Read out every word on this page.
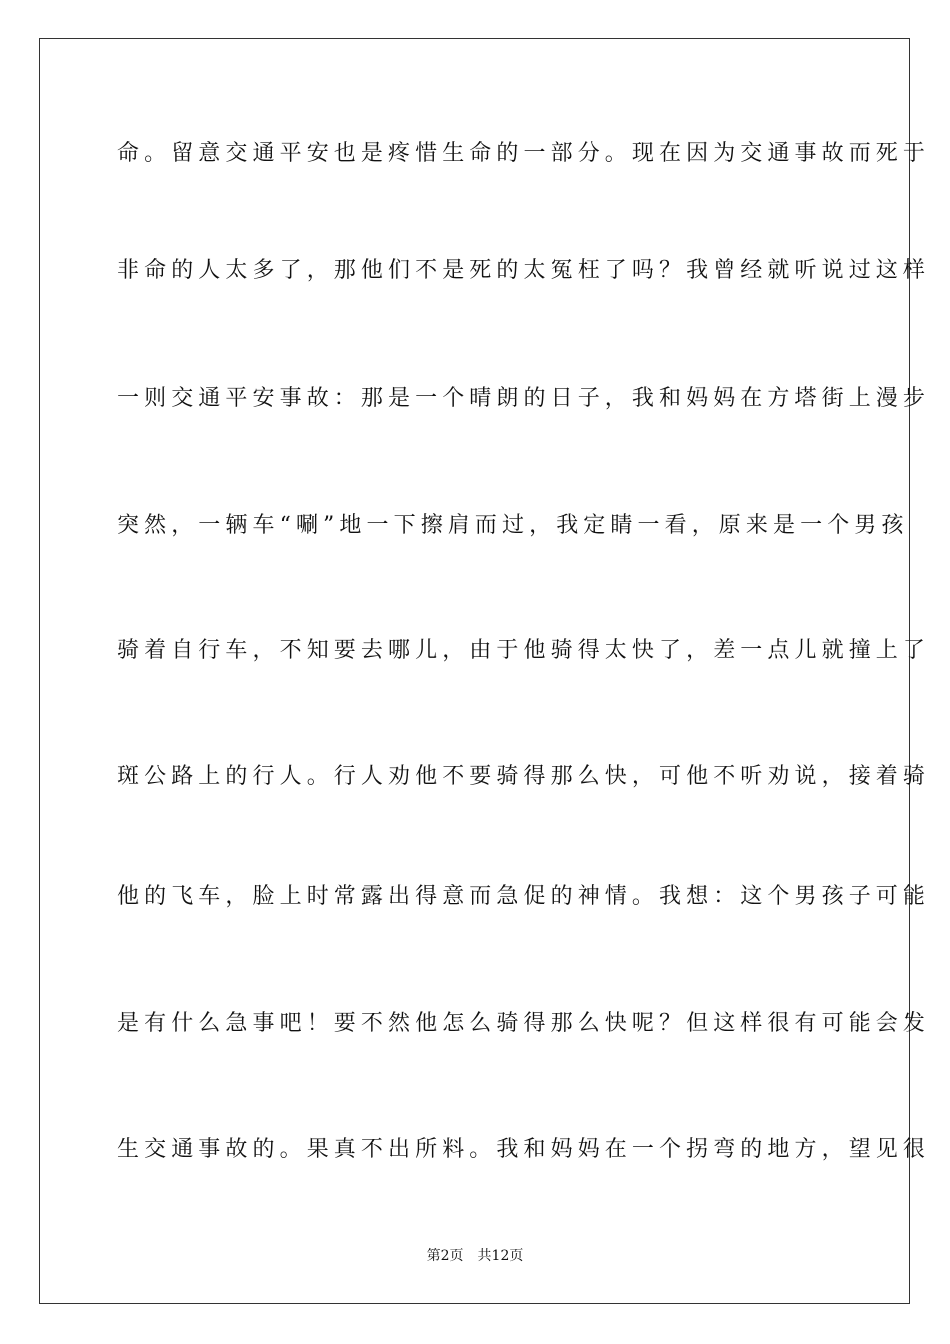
命。留意交通平安也是疼惜生命的一部分。现在因为交通事故而死于
非命的人太多了，那他们不是死的太冤枉了吗？我曾经就听说过这样
一则交通平安事故：那是一个晴朗的日子，我和妈妈在方塔街上漫步
突然，一辆车“唰”地一下擦肩而过，我定睛一看，原来是一个男孩
骑着自行车，不知要去哪儿，由于他骑得太快了，差一点儿就撞上了
斑公路上的行人。行人劝他不要骑得那么快，可他不听劝说，接着骑
他的飞车，脸上时常露出得意而急促的神情。我想：这个男孩子可能
是有什么急事吧！要不然他怎么骑得那么快呢？但这样很有可能会发
生交通事故的。果真不出所料。我和妈妈在一个拐弯的地方，望见很
第2页 共12页
